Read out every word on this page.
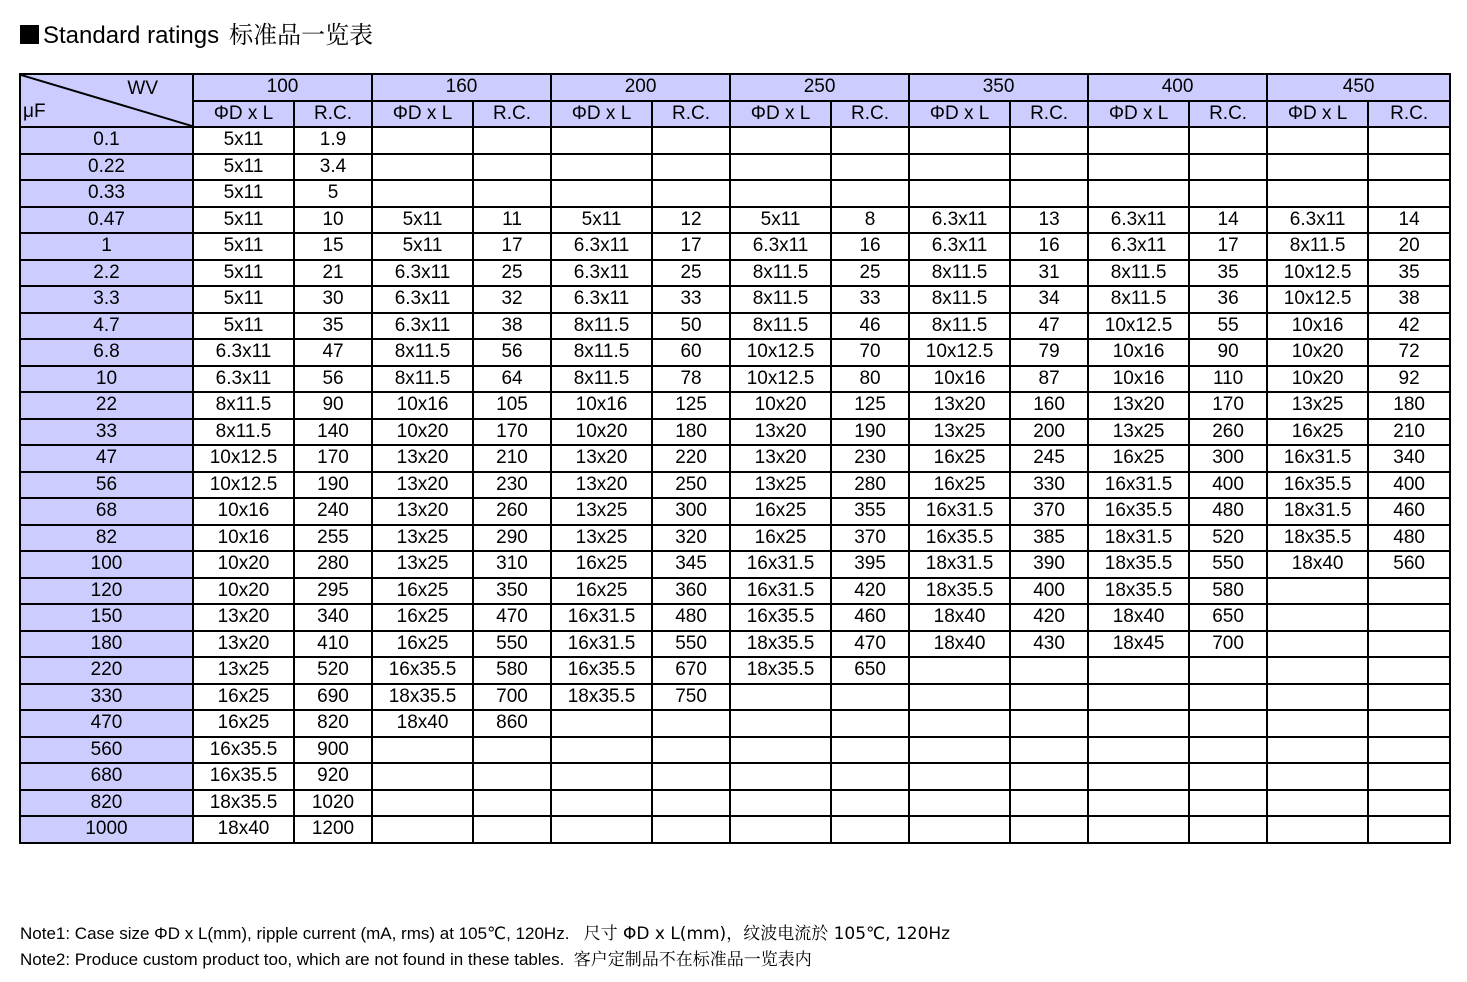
Standard ratings 标准品一览表
WV
μF	100		160		200		250		350		400		450	
	ΦD x L	R.C.	ΦD x L	R.C.	ΦD x L	R.C.	ΦD x L	R.C.	ΦD x L	R.C.	ΦD x L	R.C.	ΦD x L	R.C.
0.1	5x11	1.9												
0.22	5x11	3.4												
0.33	5x11	5												
0.47	5x11	10	5x11	11	5x11	12	5x11	8	6.3x11	13	6.3x11	14	6.3x11	14
1	5x11	15	5x11	17	6.3x11	17	6.3x11	16	6.3x11	16	6.3x11	17	8x11.5	20
2.2	5x11	21	6.3x11	25	6.3x11	25	8x11.5	25	8x11.5	31	8x11.5	35	10x12.5	35
3.3	5x11	30	6.3x11	32	6.3x11	33	8x11.5	33	8x11.5	34	8x11.5	36	10x12.5	38
4.7	5x11	35	6.3x11	38	8x11.5	50	8x11.5	46	8x11.5	47	10x12.5	55	10x16	42
6.8	6.3x11	47	8x11.5	56	8x11.5	60	10x12.5	70	10x12.5	79	10x16	90	10x20	72
10	6.3x11	56	8x11.5	64	8x11.5	78	10x12.5	80	10x16	87	10x16	110	10x20	92
22	8x11.5	90	10x16	105	10x16	125	10x20	125	13x20	160	13x20	170	13x25	180
33	8x11.5	140	10x20	170	10x20	180	13x20	190	13x25	200	13x25	260	16x25	210
47	10x12.5	170	13x20	210	13x20	220	13x20	230	16x25	245	16x25	300	16x31.5	340
56	10x12.5	190	13x20	230	13x20	250	13x25	280	16x25	330	16x31.5	400	16x35.5	400
68	10x16	240	13x20	260	13x25	300	16x25	355	16x31.5	370	16x35.5	480	18x31.5	460
82	10x16	255	13x25	290	13x25	320	16x25	370	16x35.5	385	18x31.5	520	18x35.5	480
100	10x20	280	13x25	310	16x25	345	16x31.5	395	18x31.5	390	18x35.5	550	18x40	560
120	10x20	295	16x25	350	16x25	360	16x31.5	420	18x35.5	400	18x35.5	580		
150	13x20	340	16x25	470	16x31.5	480	16x35.5	460	18x40	420	18x40	650		
180	13x20	410	16x25	550	16x31.5	550	18x35.5	470	18x40	430	18x45	700		
220	13x25	520	16x35.5	580	16x35.5	670	18x35.5	650						
330	16x25	690	18x35.5	700	18x35.5	750								
470	16x25	820	18x40	860										
560	16x35.5	900												
680	16x35.5	920												
820	18x35.5	1020												
1000	18x40	1200												
Note1: Case size ΦD x L(mm), ripple current (mA, rms) at 105℃, 120Hz. 尺寸 ΦD x L(mm)，纹波电流於 105℃, 120Hz
Note2: Produce custom product too, which are not found in these tables. 客户定制品不在标准品一览表内
